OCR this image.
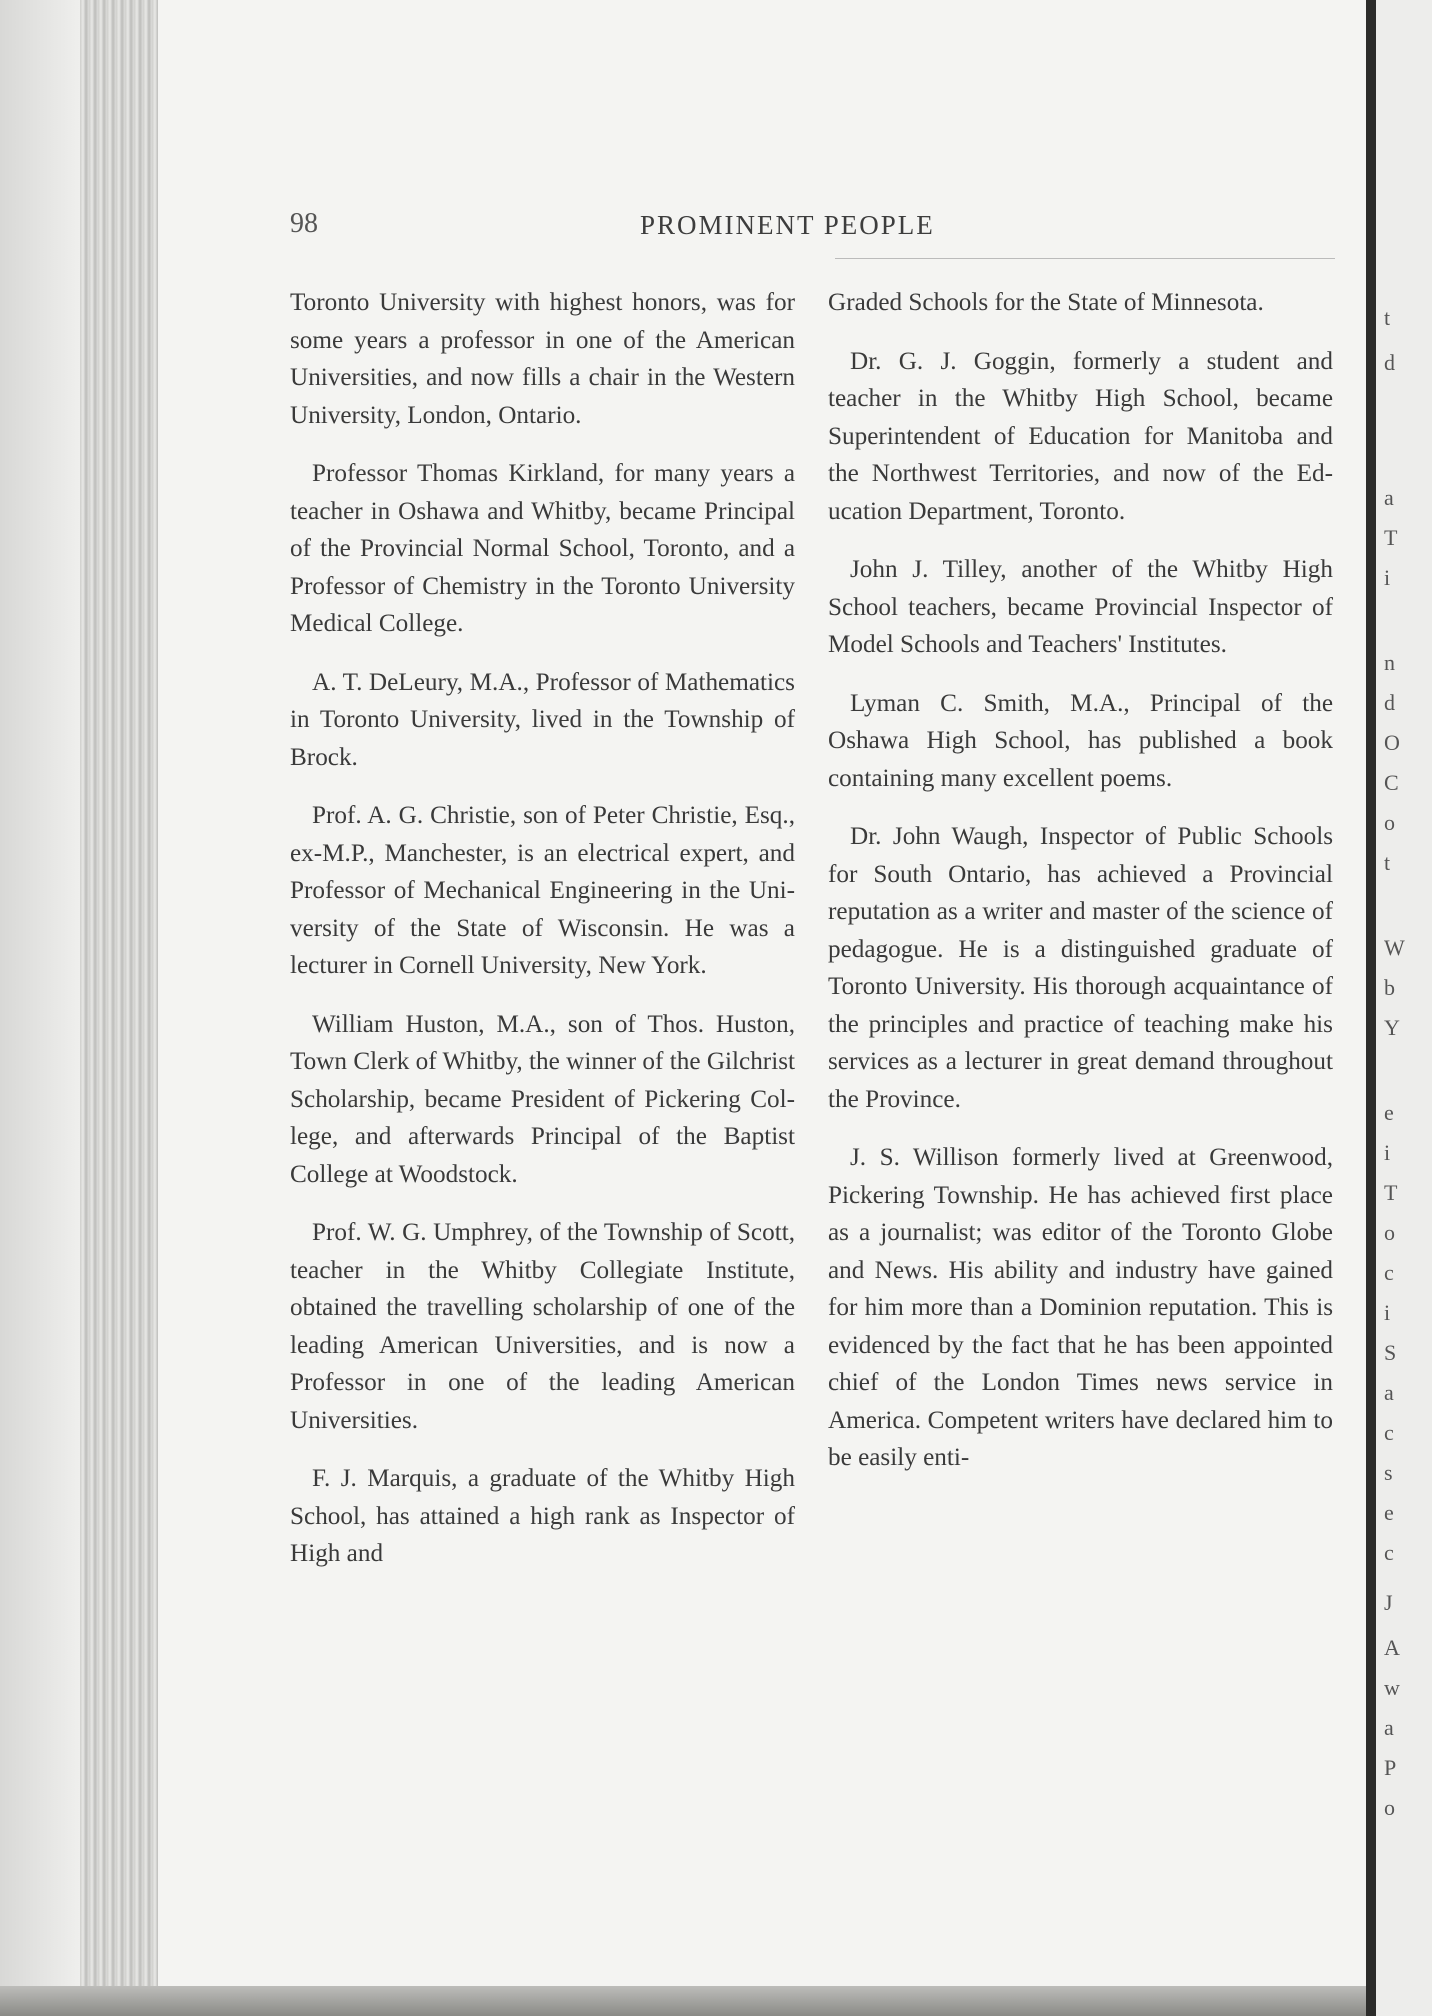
98	PROMINENT PEOPLE

Toronto University with highest honors, was for some years a professor in one of the American Universities, and now fills a chair in the Western University, London, Ontario.

Professor Thomas Kirkland, for many years a teacher in Oshawa and Whitby, became Principal of the Provincial Normal School, Toronto, and a Professor of Chemistry in the Toronto University Medical College.

A. T. DeLeury, M.A., Professor of Mathematics in Toronto University, lived in the Township of Brock.

Prof. A. G. Christie, son of Peter Christie, Esq., ex-M.P., Manchester, is an electrical expert, and Professor of Mechanical Engineering in the University of the State of Wisconsin. He was a lecturer in Cornell University, New York.

William Huston, M.A., son of Thos. Huston, Town Clerk of Whitby, the winner of the Gilchrist Scholarship, became President of Pickering College, and afterwards Principal of the Baptist College at Woodstock.

Prof. W. G. Umphrey, of the Township of Scott, teacher in the Whitby Collegiate Institute, obtained the travelling scholarship of one of the leading American Universities, and is now a Professor in one of the leading American Universities.

F. J. Marquis, a graduate of the Whitby High School, has attained a high rank as Inspector of High and

Graded Schools for the State of Minnesota.

Dr. G. J. Goggin, formerly a student and teacher in the Whitby High School, became Superintendent of Education for Manitoba and the Northwest Territories, and now of the Education Department, Toronto.

John J. Tilley, another of the Whitby High School teachers, became Provincial Inspector of Model Schools and Teachers' Institutes.

Lyman C. Smith, M.A., Principal of the Oshawa High School, has published a book containing many excellent poems.

Dr. John Waugh, Inspector of Public Schools for South Ontario, has achieved a Provincial reputation as a writer and master of the science of pedagogue. He is a distinguished graduate of Toronto University. His thorough acquaintance of the principles and practice of teaching make his services as a lecturer in great demand throughout the Province.

J. S. Willison formerly lived at Greenwood, Pickering Township. He has achieved first place as a journalist; was editor of the Toronto Globe and News. His ability and industry have gained for him more than a Dominion reputation. This is evidenced by the fact that he has been appointed chief of the London Times news service in America. Competent writers have declared him to be easily enti-

t
d
a
T
i
n
d
O
C
o
t
W
b
Y
e
i
T
o
c
i
S
a
c
s
e
c
J
A
w
a
P
o
